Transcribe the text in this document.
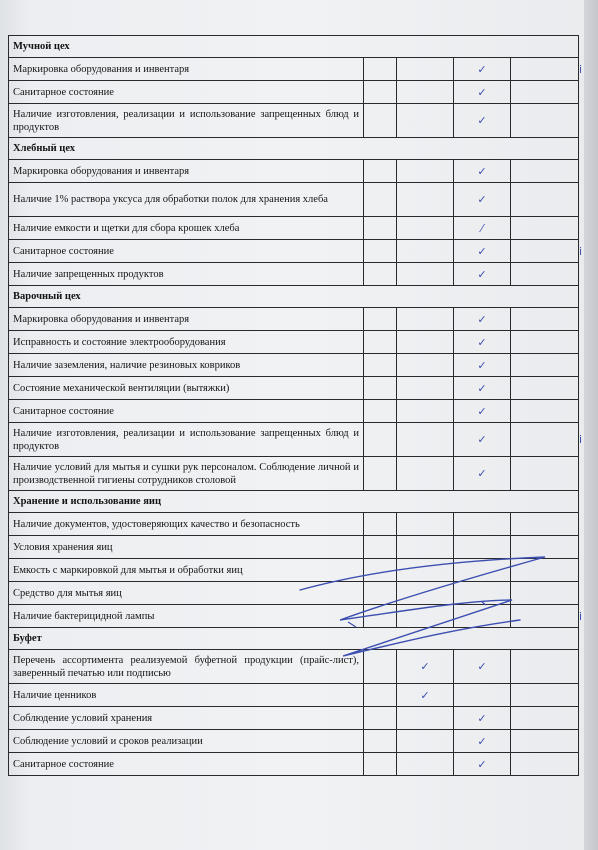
Мучной цех					
Маркировка оборудования и инвентаря			✓		
Санитарное состояние			✓		
Наличие изготовления, реализации и использование запрещенных блюд и продуктов			✓		
Хлебный цех					
Маркировка оборудования и инвентаря			✓		
Наличие 1% раствора уксуса для обработки полок для хранения хлеба			✓		
Наличие емкости и щетки для сбора крошек хлеба			⁄		
Санитарное состояние			✓		
Наличие запрещенных продуктов			✓		
Варочный цех					
Маркировка оборудования и инвентаря			✓		
Исправность и состояние электрооборудования			✓		
Наличие заземления, наличие резиновых ковриков			✓		
Состояние механической вентиляции (вытяжки)			✓		
Санитарное состояние			✓		
Наличие изготовления, реализации и использование запрещенных блюд и продуктов			✓		
Наличие условий для мытья и сушки рук персоналом. Соблюдение личной и производственной гигиены сотрудников столовой			✓		
Хранение и использование яиц					
Наличие документов, удостоверяющих качество и безопасность					
Условия хранения яиц					
Емкость с маркировкой для мытья и обработки яиц					
Средство для мытья яиц					
Наличие бактерицидной лампы					
Буфет					
Перечень ассортимента реализуемой буфетной продукции (прайс-лист), заверенный печатью или подписью		✓	✓		
Наличие ценников		✓			
Соблюдение условий хранения			✓		
Соблюдение условий и сроков реализации			✓		
Санитарное состояние			✓		
